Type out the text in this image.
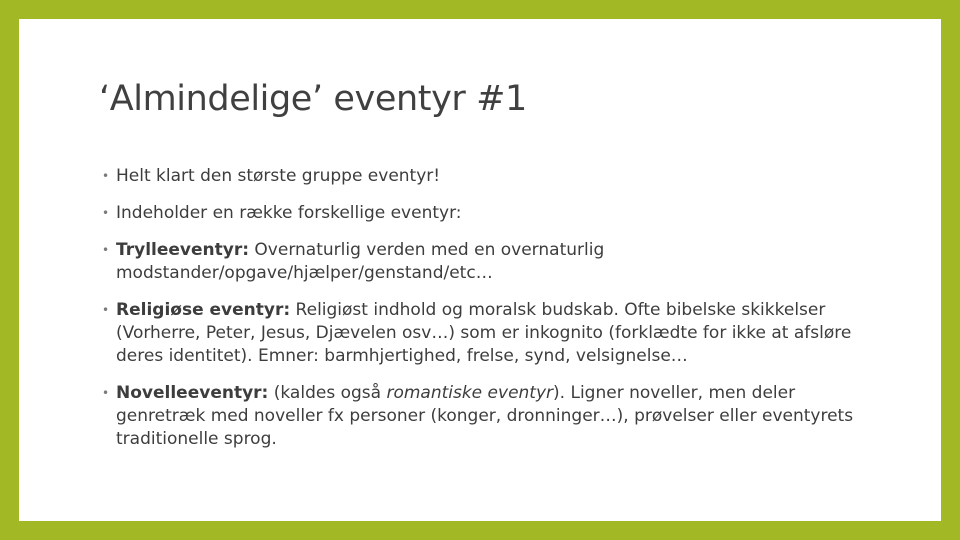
‘Almindelige’ eventyr #1
• Helt klart den største gruppe eventyr!
• Indeholder en række forskellige eventyr:
• Trylleeventyr: Overnaturlig verden med en overnaturlig modstander/opgave/hjælper/genstand/etc…
• Religiøse eventyr: Religiøst indhold og moralsk budskab. Ofte bibelske skikkelser (Vorherre, Peter, Jesus, Djævelen osv…) som er inkognito (forklædte for ikke at afsløre deres identitet). Emner: barmhjertighed, frelse, synd, velsignelse…
• Novelleeventyr: (kaldes også romantiske eventyr). Ligner noveller, men deler genretræk med noveller fx personer (konger, dronninger…), prøvelser eller eventyrets traditionelle sprog.
